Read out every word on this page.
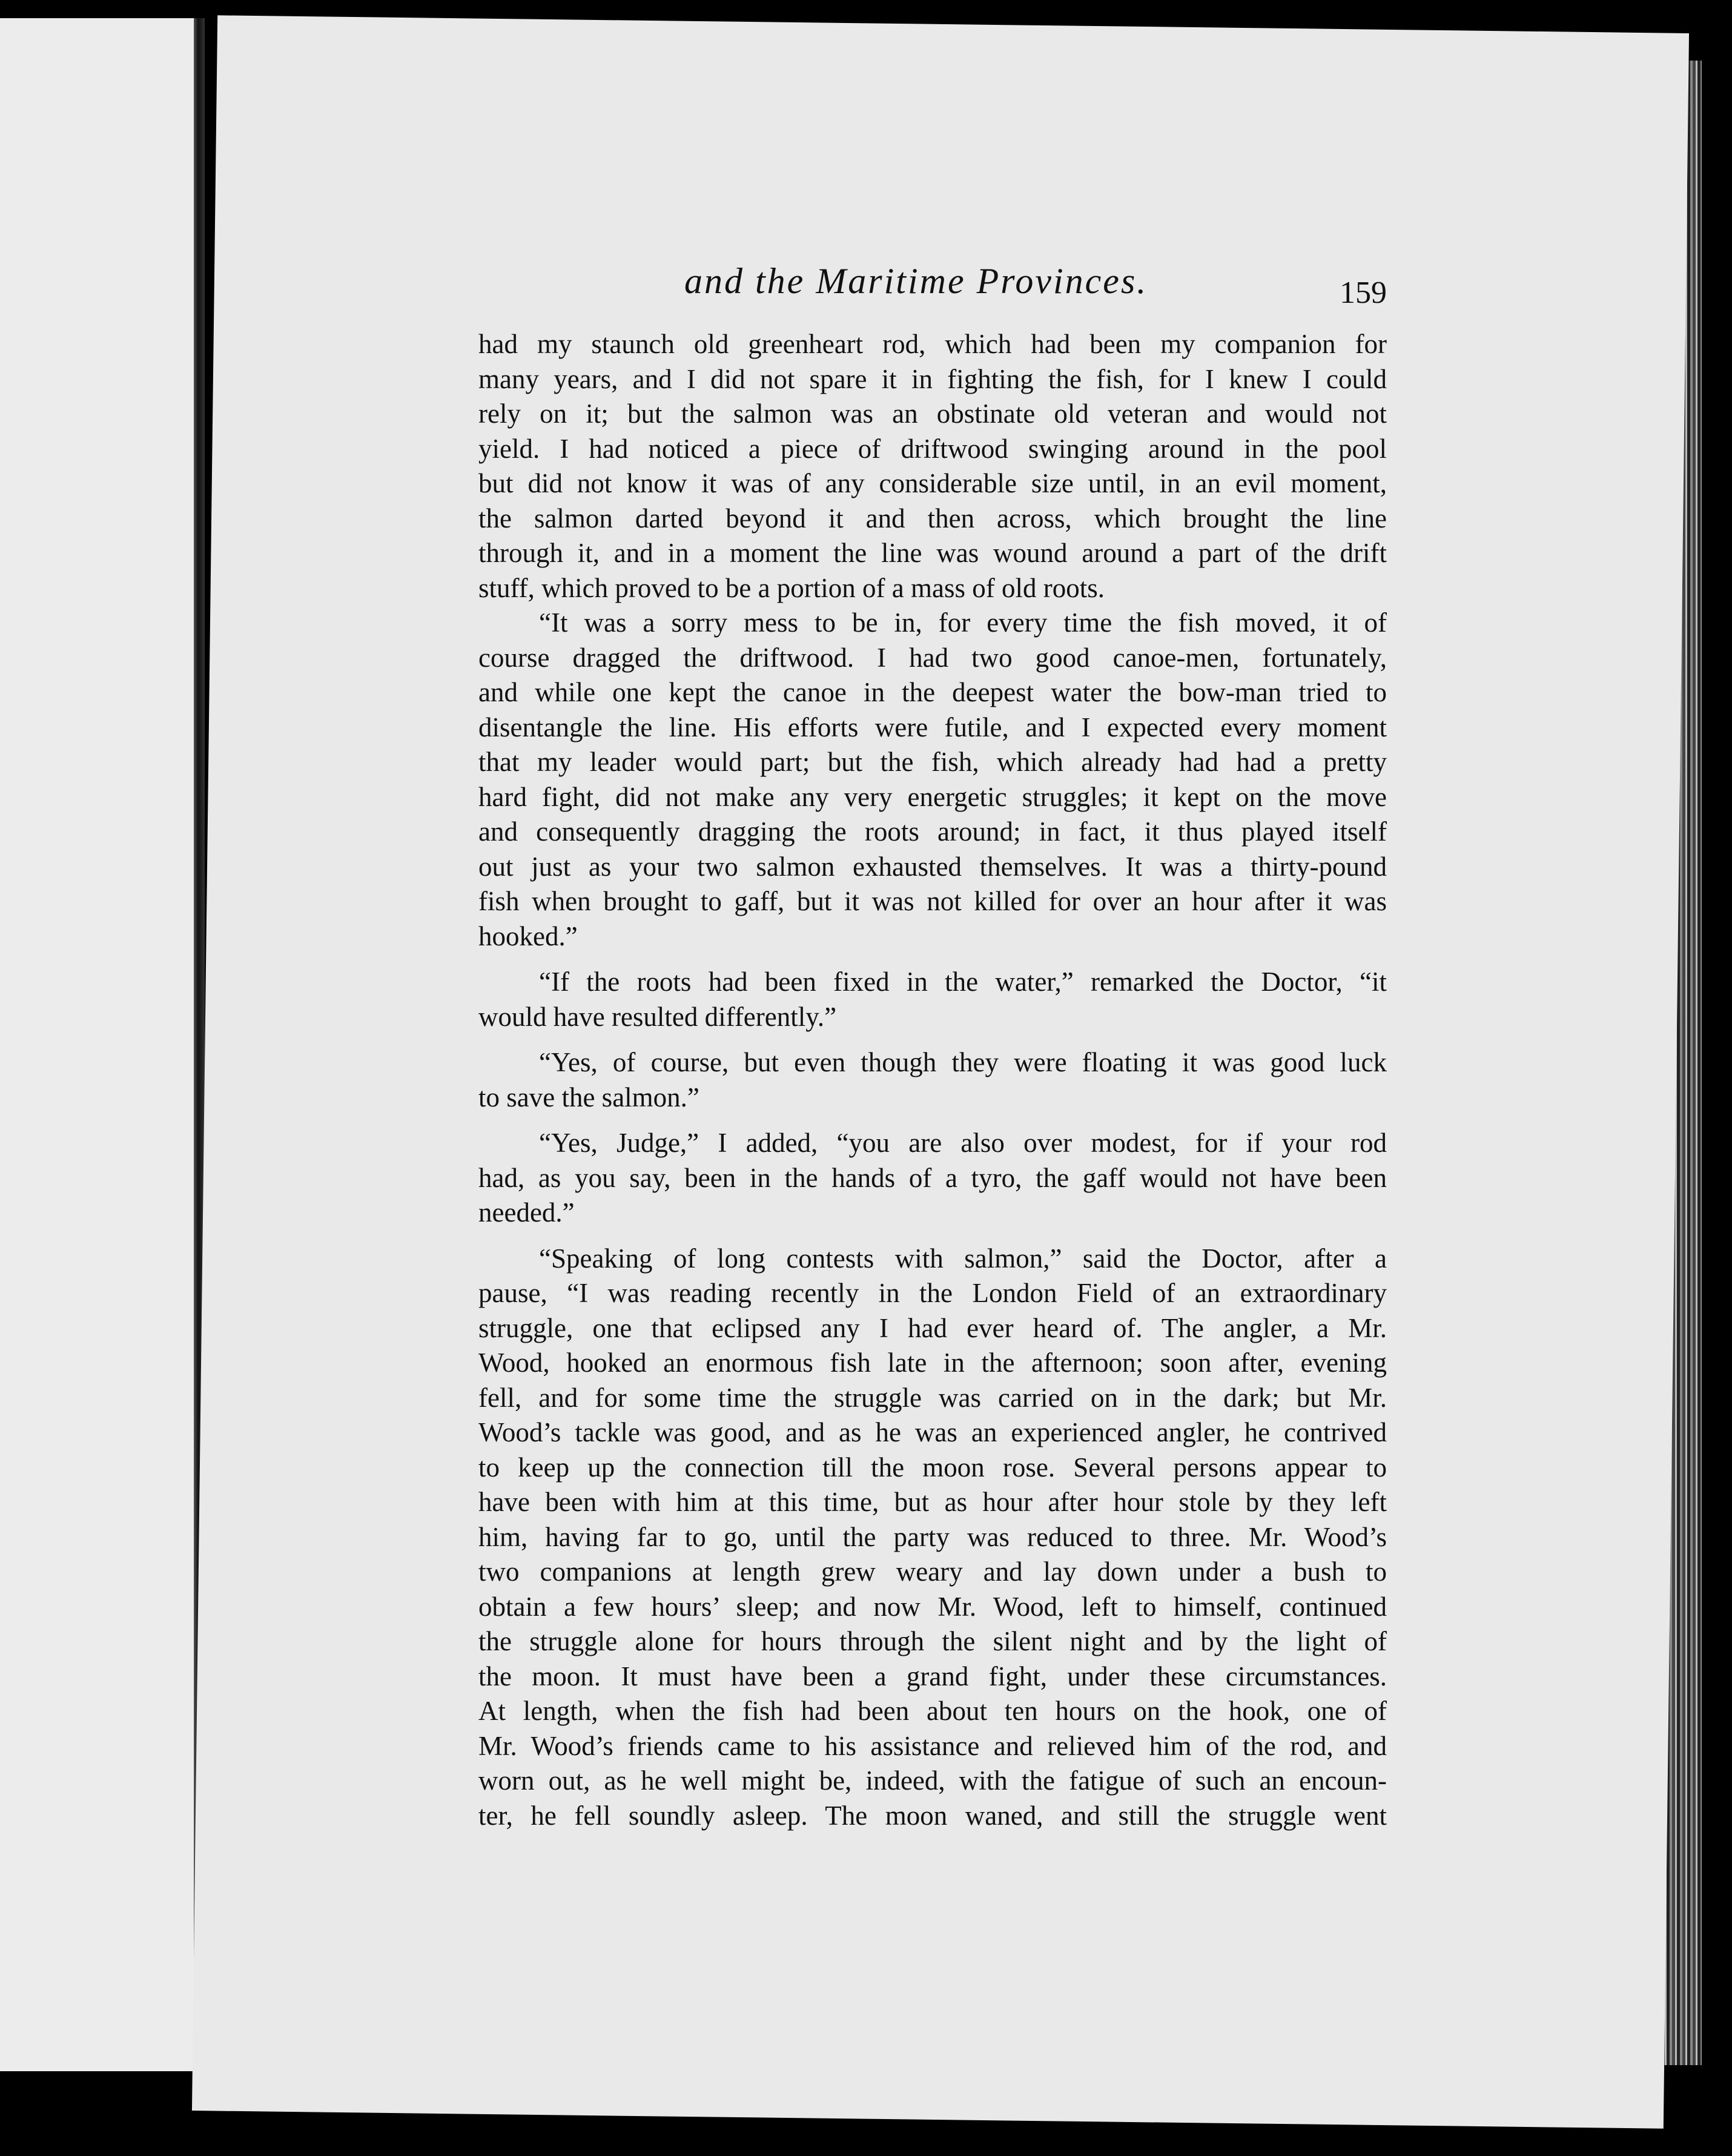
and the Maritime Provinces.	159

had my staunch old greenheart rod, which had been my companion for
many years, and I did not spare it in fighting the fish, for I knew I could
rely on it; but the salmon was an obstinate old veteran and would not
yield. I had noticed a piece of driftwood swinging around in the pool
but did not know it was of any considerable size until, in an evil moment,
the salmon darted beyond it and then across, which brought the line
through it, and in a moment the line was wound around a part of the drift
stuff, which proved to be a portion of a mass of old roots.

“It was a sorry mess to be in, for every time the fish moved, it of
course dragged the driftwood. I had two good canoe-men, fortunately,
and while one kept the canoe in the deepest water the bow-man tried to
disentangle the line. His efforts were futile, and I expected every moment
that my leader would part; but the fish, which already had had a pretty
hard fight, did not make any very energetic struggles; it kept on the move
and consequently dragging the roots around; in fact, it thus played itself
out just as your two salmon exhausted themselves. It was a thirty-pound
fish when brought to gaff, but it was not killed for over an hour after it was
hooked.”

“If the roots had been fixed in the water,” remarked the Doctor, “it
would have resulted differently.”

“Yes, of course, but even though they were floating it was good luck
to save the salmon.”

“Yes, Judge,” I added, “you are also over modest, for if your rod
had, as you say, been in the hands of a tyro, the gaff would not have been
needed.”

“Speaking of long contests with salmon,” said the Doctor, after a
pause, “I was reading recently in the London Field of an extraordinary
struggle, one that eclipsed any I had ever heard of. The angler, a Mr.
Wood, hooked an enormous fish late in the afternoon; soon after, evening
fell, and for some time the struggle was carried on in the dark; but Mr.
Wood’s tackle was good, and as he was an experienced angler, he contrived
to keep up the connection till the moon rose. Several persons appear to
have been with him at this time, but as hour after hour stole by they left
him, having far to go, until the party was reduced to three. Mr. Wood’s
two companions at length grew weary and lay down under a bush to
obtain a few hours’ sleep; and now Mr. Wood, left to himself, continued
the struggle alone for hours through the silent night and by the light of
the moon. It must have been a grand fight, under these circumstances.
At length, when the fish had been about ten hours on the hook, one of
Mr. Wood’s friends came to his assistance and relieved him of the rod, and
worn out, as he well might be, indeed, with the fatigue of such an encoun-
ter, he fell soundly asleep. The moon waned, and still the struggle went
